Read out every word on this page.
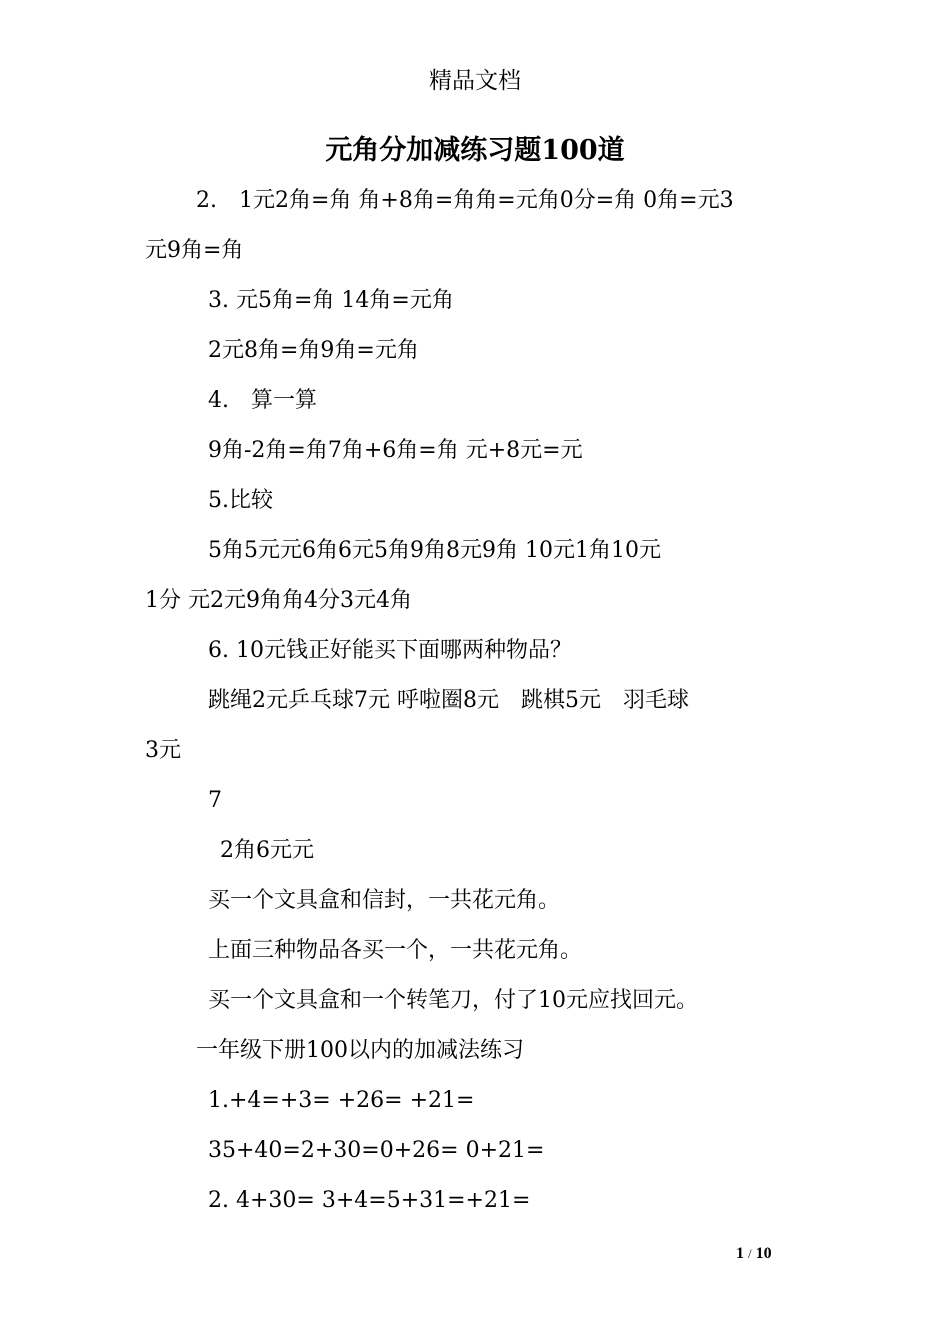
精品文档
元角分加减练习题100道
2.　1元2角=角 角+8角=角角=元角0分=角 0角=元3
元9角=角
3. 元5角=角 14角=元角
2元8角=角9角=元角
4.　算一算
9角-2角=角7角+6角=角 元+8元=元
5.比较
5角5元元6角6元5角9角8元9角 10元1角10元
1分 元2元9角角4分3元4角
6. 10元钱正好能买下面哪两种物品？
跳绳2元乒乓球7元 呼啦圈8元　跳棋5元　羽毛球
3元
7
2角6元元
买一个文具盒和信封，一共花元角。
上面三种物品各买一个，一共花元角。
买一个文具盒和一个转笔刀，付了10元应找回元。
一年级下册100以内的加减法练习
1.+4=+3= +26= +21=
35+40=2+30=0+26= 0+21=
2. 4+30= 3+4=5+31=+21=
1 / 10
